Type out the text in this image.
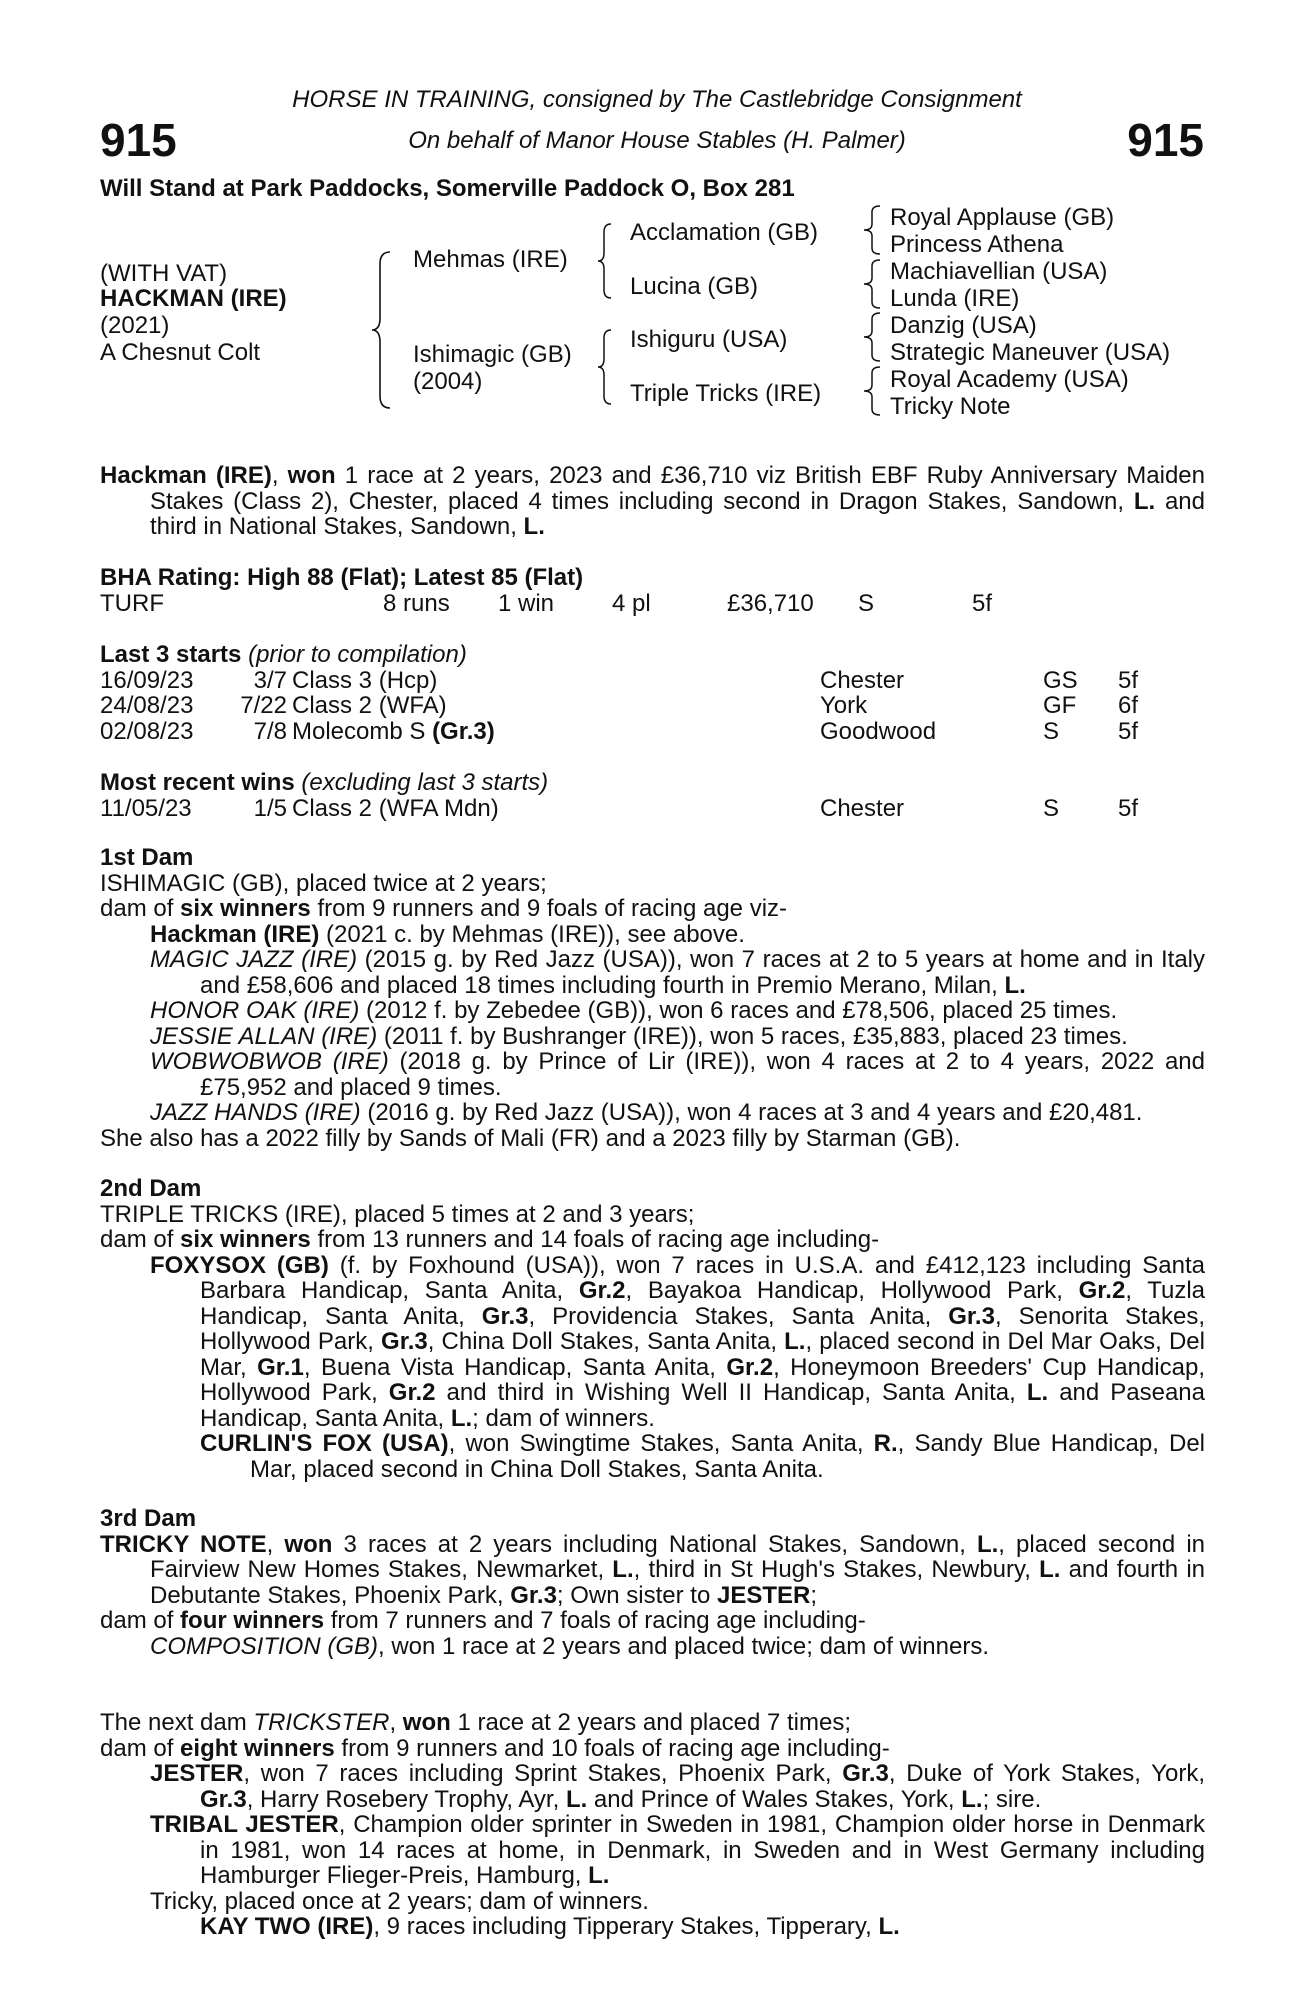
915	915
HORSE IN TRAINING, consigned by The Castlebridge Consignment
On behalf of Manor House Stables (H. Palmer)
Will Stand at Park Paddocks, Somerville Paddock O, Box 281
(WITH VAT)
HACKMAN (IRE)
(2021)
A Chesnut Colt
Mehmas (IRE)
Ishimagic (GB)
(2004)
Acclamation (GB)
Lucina (GB)
Ishiguru (USA)
Triple Tricks (IRE)
Royal Applause (GB)
Princess Athena
Machiavellian (USA)
Lunda (IRE)
Danzig (USA)
Strategic Maneuver (USA)
Royal Academy (USA)
Tricky Note

Hackman (IRE), won 1 race at 2 years, 2023 and £36,710 viz British EBF Ruby Anniversary Maiden Stakes (Class 2), Chester, placed 4 times including second in Dragon Stakes, Sandown, L. and third in National Stakes, Sandown, L.

BHA Rating: High 88 (Flat); Latest 85 (Flat)
TURF	8 runs 1 win 4 pl	£36,710 S	5f
Last 3 starts (prior to compilation)
16/09/23	3/7 Class 3 (Hcp)	Chester	GS 5f
24/08/23 7/22 Class 2 (WFA)	York	GF 6f
02/08/23	7/8 Molecomb S (Gr.3)	Goodwood	S 5f
Most recent wins (excluding last 3 starts)
11/05/23	1/5 Class 2 (WFA Mdn)	Chester	S 5f
1st Dam

ISHIMAGIC (GB), placed twice at 2 years;

dam of six winners from 9 runners and 9 foals of racing age viz-

Hackman (IRE) (2021 c. by Mehmas (IRE)), see above.

MAGIC JAZZ (IRE) (2015 g. by Red Jazz (USA)), won 7 races at 2 to 5 years at home and in Italy and £58,606 and placed 18 times including fourth in Premio Merano, Milan, L.

HONOR OAK (IRE) (2012 f. by Zebedee (GB)), won 6 races and £78,506, placed 25 times.

JESSIE ALLAN (IRE) (2011 f. by Bushranger (IRE)), won 5 races, £35,883, placed 23 times.

WOBWOBWOB (IRE) (2018 g. by Prince of Lir (IRE)), won 4 races at 2 to 4 years, 2022 and £75,952 and placed 9 times.

JAZZ HANDS (IRE) (2016 g. by Red Jazz (USA)), won 4 races at 3 and 4 years and £20,481.

She also has a 2022 filly by Sands of Mali (FR) and a 2023 filly by Starman (GB).

2nd Dam

TRIPLE TRICKS (IRE), placed 5 times at 2 and 3 years;

dam of six winners from 13 runners and 14 foals of racing age including-

FOXYSOX (GB) (f. by Foxhound (USA)), won 7 races in U.S.A. and £412,123 including Santa Barbara Handicap, Santa Anita, Gr.2, Bayakoa Handicap, Hollywood Park, Gr.2, Tuzla Handicap, Santa Anita, Gr.3, Providencia Stakes, Santa Anita, Gr.3, Senorita Stakes, Hollywood Park, Gr.3, China Doll Stakes, Santa Anita, L., placed second in Del Mar Oaks, Del Mar, Gr.1, Buena Vista Handicap, Santa Anita, Gr.2, Honeymoon Breeders' Cup Handicap, Hollywood Park, Gr.2 and third in Wishing Well II Handicap, Santa Anita, L. and Paseana Handicap, Santa Anita, L.; dam of winners.

CURLIN'S FOX (USA), won Swingtime Stakes, Santa Anita, R., Sandy Blue Handicap, Del Mar, placed second in China Doll Stakes, Santa Anita.

3rd Dam

TRICKY NOTE, won 3 races at 2 years including National Stakes, Sandown, L., placed second in Fairview New Homes Stakes, Newmarket, L., third in St Hugh's Stakes, Newbury, L. and fourth in Debutante Stakes, Phoenix Park, Gr.3; Own sister to JESTER;

dam of four winners from 7 runners and 7 foals of racing age including-

COMPOSITION (GB), won 1 race at 2 years and placed twice; dam of winners.

The next dam TRICKSTER, won 1 race at 2 years and placed 7 times;

dam of eight winners from 9 runners and 10 foals of racing age including-

JESTER, won 7 races including Sprint Stakes, Phoenix Park, Gr.3, Duke of York Stakes, York, Gr.3, Harry Rosebery Trophy, Ayr, L. and Prince of Wales Stakes, York, L.; sire.

TRIBAL JESTER, Champion older sprinter in Sweden in 1981, Champion older horse in Denmark in 1981, won 14 races at home, in Denmark, in Sweden and in West Germany including Hamburger Flieger-Preis, Hamburg, L.

Tricky, placed once at 2 years; dam of winners.

KAY TWO (IRE), 9 races including Tipperary Stakes, Tipperary, L.
